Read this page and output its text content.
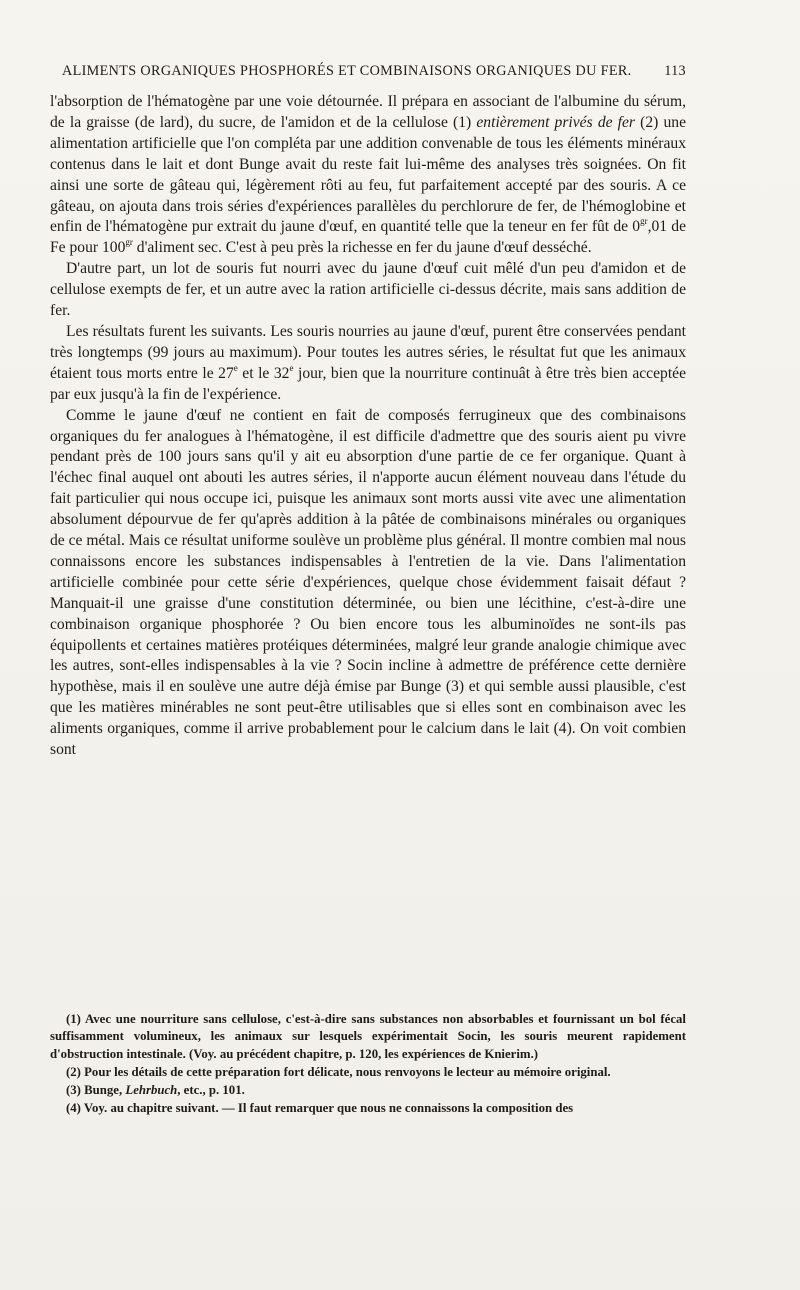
ALIMENTS ORGANIQUES PHOSPHORÉS ET COMBINAISONS ORGANIQUES DU FER. 113

l'absorption de l'hématogène par une voie détournée. Il prépara en associant de l'albumine du sérum, de la graisse (de lard), du sucre, de l'amidon et de la cellulose (1) entièrement privés de fer (2) une alimentation artificielle que l'on compléta par une addition convenable de tous les éléments minéraux contenus dans le lait et dont Bunge avait du reste fait lui-même des analyses très soignées. On fit ainsi une sorte de gâteau qui, légèrement rôti au feu, fut parfaitement accepté par des souris. A ce gâteau, on ajouta dans trois séries d'expériences parallèles du perchlorure de fer, de l'hémoglobine et enfin de l'hématogène pur extrait du jaune d'œuf, en quantité telle que la teneur en fer fût de $0^{gr},01$ de Fe pour $100^{gr}$ d'aliment sec. C'est à peu près la richesse en fer du jaune d'œuf desséché.

D'autre part, un lot de souris fut nourri avec du jaune d'œuf cuit mêlé d'un peu d'amidon et de cellulose exempts de fer, et un autre avec la ration artificielle ci-dessus décrite, mais sans addition de fer.

Les résultats furent les suivants. Les souris nourries au jaune d'œuf, purent être conservées pendant très longtemps (99 jours au maximum). Pour toutes les autres séries, le résultat fut que les animaux étaient tous morts entre le 27e et le 32e jour, bien que la nourriture continuât à être très bien acceptée par eux jusqu'à la fin de l'expérience.

Comme le jaune d'œuf ne contient en fait de composés ferrugineux que des combinaisons organiques du fer analogues à l'hématogène, il est difficile d'admettre que des souris aient pu vivre pendant près de 100 jours sans qu'il y ait eu absorption d'une partie de ce fer organique. Quant à l'échec final auquel ont abouti les autres séries, il n'apporte aucun élément nouveau dans l'étude du fait particulier qui nous occupe ici, puisque les animaux sont morts aussi vite avec une alimentation absolument dépourvue de fer qu'après addition à la pâtée de combinaisons minérales ou organiques de ce métal. Mais ce résultat uniforme soulève un problème plus général. Il montre combien mal nous connaissons encore les substances indispensables à l'entretien de la vie. Dans l'alimentation artificielle combinée pour cette série d'expériences, quelque chose évidemment faisait défaut ? Manquait-il une graisse d'une constitution déterminée, ou bien une lécithine, c'est-à-dire une combinaison organique phosphorée ? Ou bien encore tous les albuminoïdes ne sont-ils pas équipollents et certaines matières protéiques déterminées, malgré leur grande analogie chimique avec les autres, sont-elles indispensables à la vie ? Socin incline à admettre de préférence cette dernière hypothèse, mais il en soulève une autre déjà émise par Bunge (3) et qui semble aussi plausible, c'est que les matières minérables ne sont peut-être utilisables que si elles sont en combinaison avec les aliments organiques, comme il arrive probablement pour le calcium dans le lait (4). On voit combien sont

(1) Avec une nourriture sans cellulose, c'est-à-dire sans substances non absorbables et fournissant un bol fécal suffisamment volumineux, les animaux sur lesquels expérimentait Socin, les souris meurent rapidement d'obstruction intestinale. (Voy. au précédent chapitre, p. 120, les expériences de Knierim.)

(2) Pour les détails de cette préparation fort délicate, nous renvoyons le lecteur au mémoire original.

(3) Bunge, Lehrbuch, etc., p. 101.

(4) Voy. au chapitre suivant. — Il faut remarquer que nous ne connaissons la composition des
